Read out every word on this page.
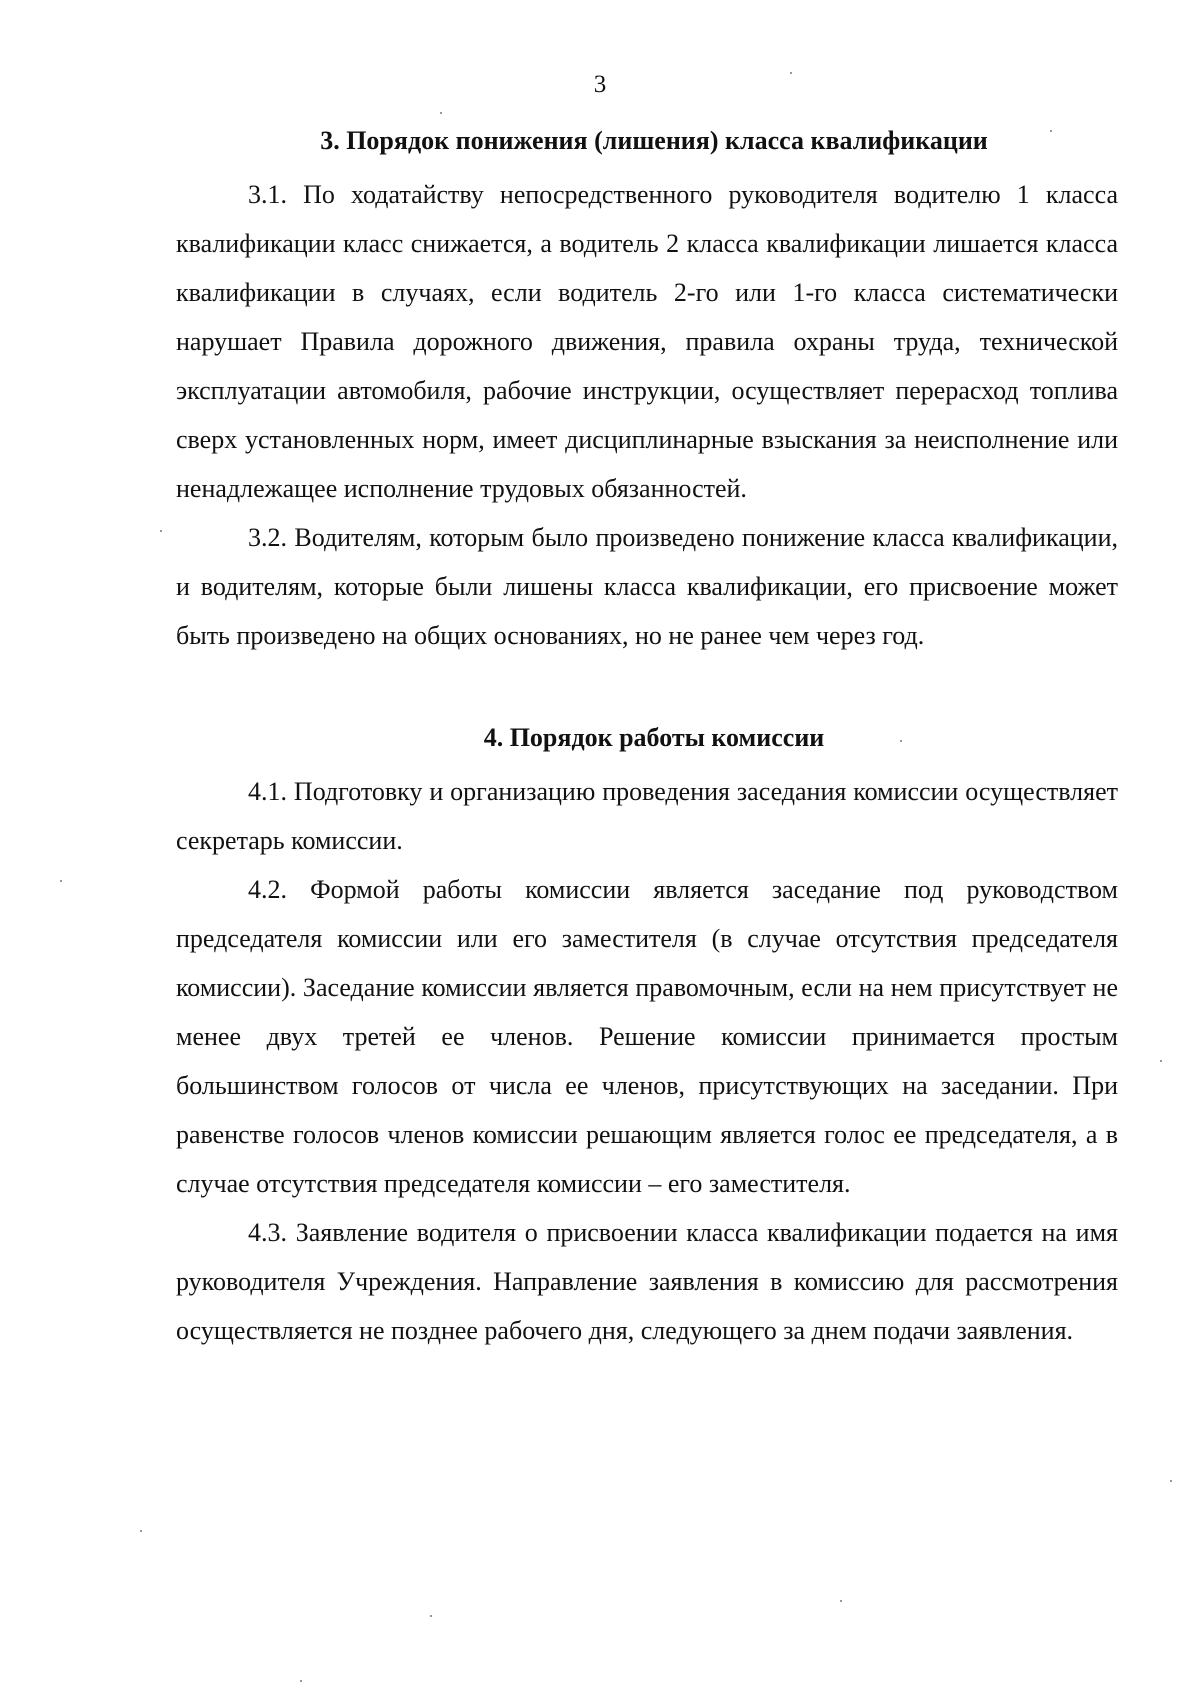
3
3. Порядок понижения (лишения) класса квалификации

3.1. По ходатайству непосредственного руководителя водителю 1 класса квалификации класс снижается, а водитель 2 класса квалификации лишается класса квалификации в случаях, если водитель 2-го или 1-го класса систематически нарушает Правила дорожного движения, правила охраны труда, технической эксплуатации автомобиля, рабочие инструкции, осуществляет перерасход топлива сверх установленных норм, имеет дисциплинарные взыскания за неисполнение или ненадлежащее исполнение трудовых обязанностей.

3.2. Водителям, которым было произведено понижение класса квалификации, и водителям, которые были лишены класса квалификации, его присвоение может быть произведено на общих основаниях, но не ранее чем через год.

4. Порядок работы комиссии

4.1. Подготовку и организацию проведения заседания комиссии осуществляет секретарь комиссии.

4.2. Формой работы комиссии является заседание под руководством председателя комиссии или его заместителя (в случае отсутствия председателя комиссии). Заседание комиссии является правомочным, если на нем присутствует не менее двух третей ее членов. Решение комиссии принимается простым большинством голосов от числа ее членов, присутствующих на заседании. При равенстве голосов членов комиссии решающим является голос ее председателя, а в случае отсутствия председателя комиссии – его заместителя.

4.3. Заявление водителя о присвоении класса квалификации подается на имя руководителя Учреждения. Направление заявления в комиссию для рассмотрения осуществляется не позднее рабочего дня, следующего за днем подачи заявления.
